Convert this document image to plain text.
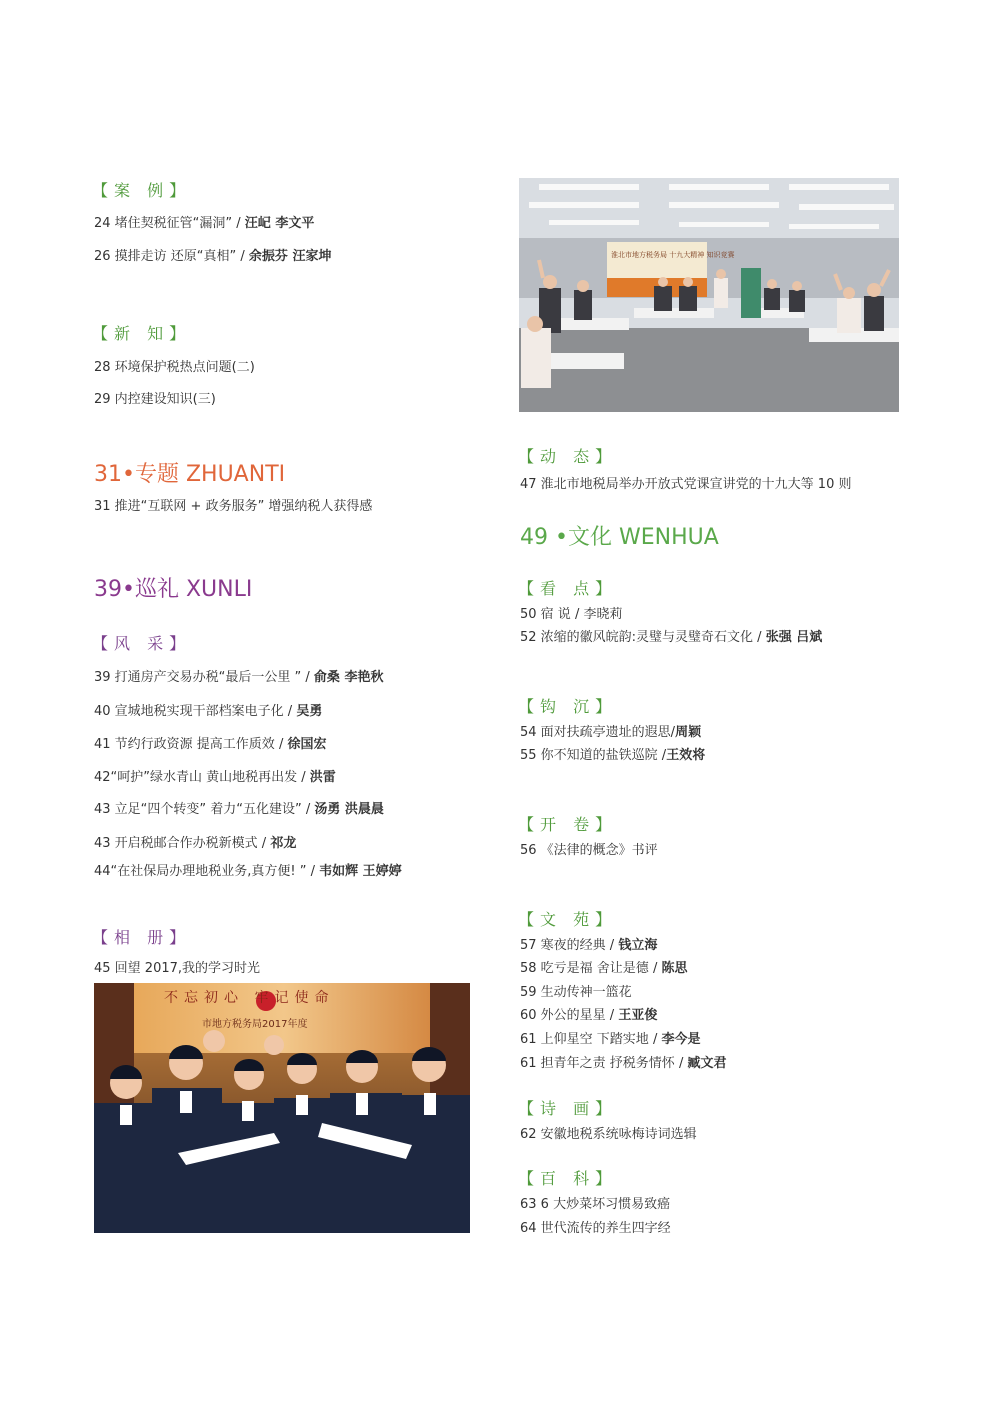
【案 例】
24 堵住契税征管“漏洞” / 汪屺 李文平
26 摸排走访 还原“真相” / 余振芬 汪家坤
【新 知】
28 环境保护税热点问题(二)
29 内控建设知识(三)
31•专题 ZHUANTI
31 推进“互联网 + 政务服务” 增强纳税人获得感
39•巡礼 XUNLI
【风 采】
39 打通房产交易办税“最后一公里 ” / 俞桑 李艳秋
40 宣城地税实现干部档案电子化 / 吴勇
41 节约行政资源 提高工作质效 / 徐国宏
42“呵护”绿水青山 黄山地税再出发 / 洪雷
43 立足“四个转变” 着力“五化建设” / 汤勇 洪晨晨
43 开启税邮合作办税新模式 / 祁龙
44“在社保局办理地税业务,真方便! ” / 韦如辉 王婷婷
【相 册】
45 回望 2017,我的学习时光
不忘初心 牢记使命
市地方税务局2017年度
淮北市地方税务局 十九大精神 知识竞赛
【动 态】
47 淮北市地税局举办开放式党课宣讲党的十九大等 10 则
49 •文化 WENHUA
【看 点】
50 宿 说 / 李晓莉
52 浓缩的徽风皖韵:灵璧与灵璧奇石文化 / 张强 吕斌
【钩 沉】
54 面对扶疏亭遗址的遐思/周颖
55 你不知道的盐铁巡院 /王效将
【开 卷】
56 《法律的概念》书评
【文 苑】
57 寒夜的经典 / 钱立海
58 吃亏是福 舍让是德 / 陈思
59 生动传神一篮花
60 外公的星星 / 王亚俊
61 上仰星空 下踏实地 / 李今是
61 担青年之责 抒税务情怀 / 臧文君
【诗 画】
62 安徽地税系统咏梅诗词选辑
【百 科】
63 6 大炒菜坏习惯易致癌
64 世代流传的养生四字经
